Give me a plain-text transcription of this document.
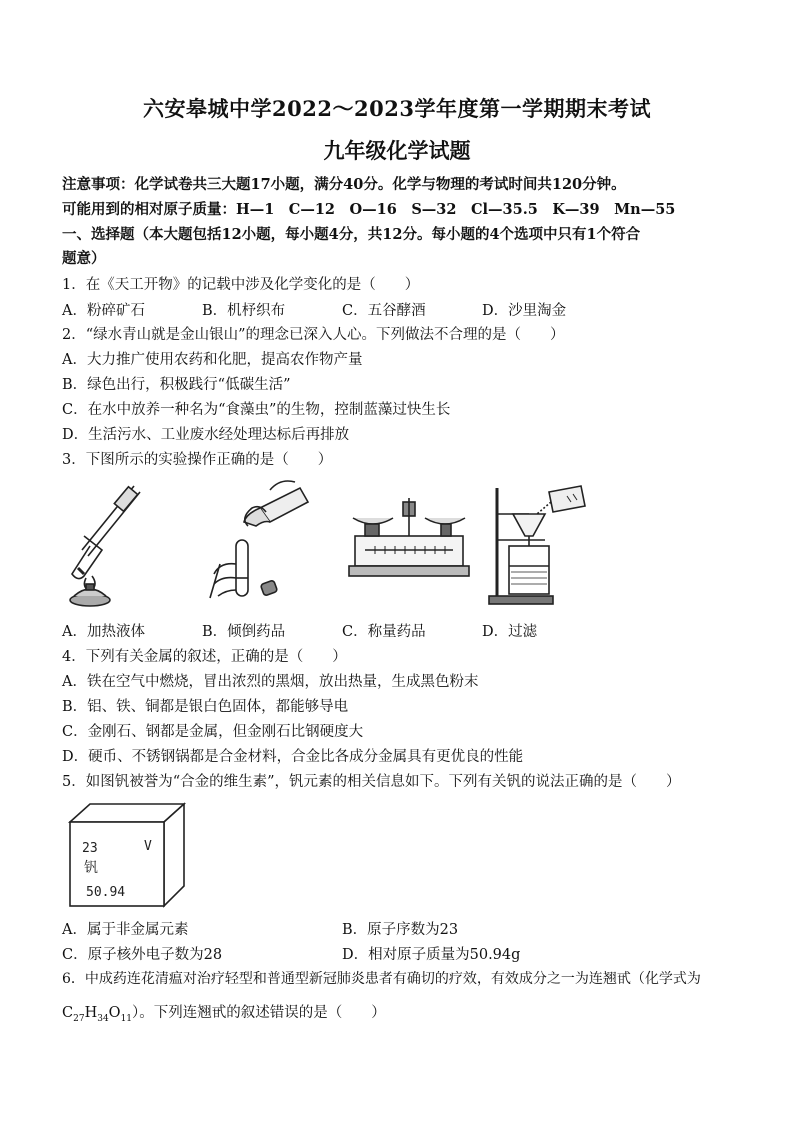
六安皋城中学2022～2023学年度第一学期期末考试
九年级化学试题
注意事项：化学试卷共三大题17小题，满分40分。化学与物理的考试时间共120分钟。
可能用到的相对原子质量：H—1　C—12　O—16　S—32　Cl—35.5　K—39　Mn—55
一、选择题（本大题包括12小题，每小题4分，共12分。每小题的4个选项中只有1个符合
题意）
1．在《天工开物》的记载中涉及化学变化的是（　　）
A．粉碎矿石	B．机杼织布	C．五谷酵酒	D．沙里淘金
2．“绿水青山就是金山银山”的理念已深入人心。下列做法不合理的是（　　）
A．大力推广使用农药和化肥，提高农作物产量
B．绿色出行，积极践行“低碳生活”
C．在水中放养一种名为“食藻虫”的生物，控制蓝藻过快生长
D．生活污水、工业废水经处理达标后再排放
3．下图所示的实验操作正确的是（　　）
A．加热液体	B．倾倒药品	C．称量药品	D．过滤
4．下列有关金属的叙述，正确的是（　　）
A．铁在空气中燃烧，冒出浓烈的黑烟，放出热量，生成黑色粉末
B．铝、铁、铜都是银白色固体，都能够导电
C．金刚石、钢都是金属，但金刚石比钢硬度大
D．硬币、不锈钢锅都是合金材料，合金比各成分金属具有更优良的性能
5．如图钒被誉为“合金的维生素”，钒元素的相关信息如下。下列有关钒的说法正确的是（　　）
23	V
钒
50.94
A．属于非金属元素	B．原子序数为23
C．原子核外电子数为28	D．相对原子质量为50.94g
6．中成药连花清瘟对治疗轻型和普通型新冠肺炎患者有确切的疗效，有效成分之一为连翘甙（化学式为
$C_{27}H_{34}O_{11}$）。下列连翘甙的叙述错误的是（　　）
